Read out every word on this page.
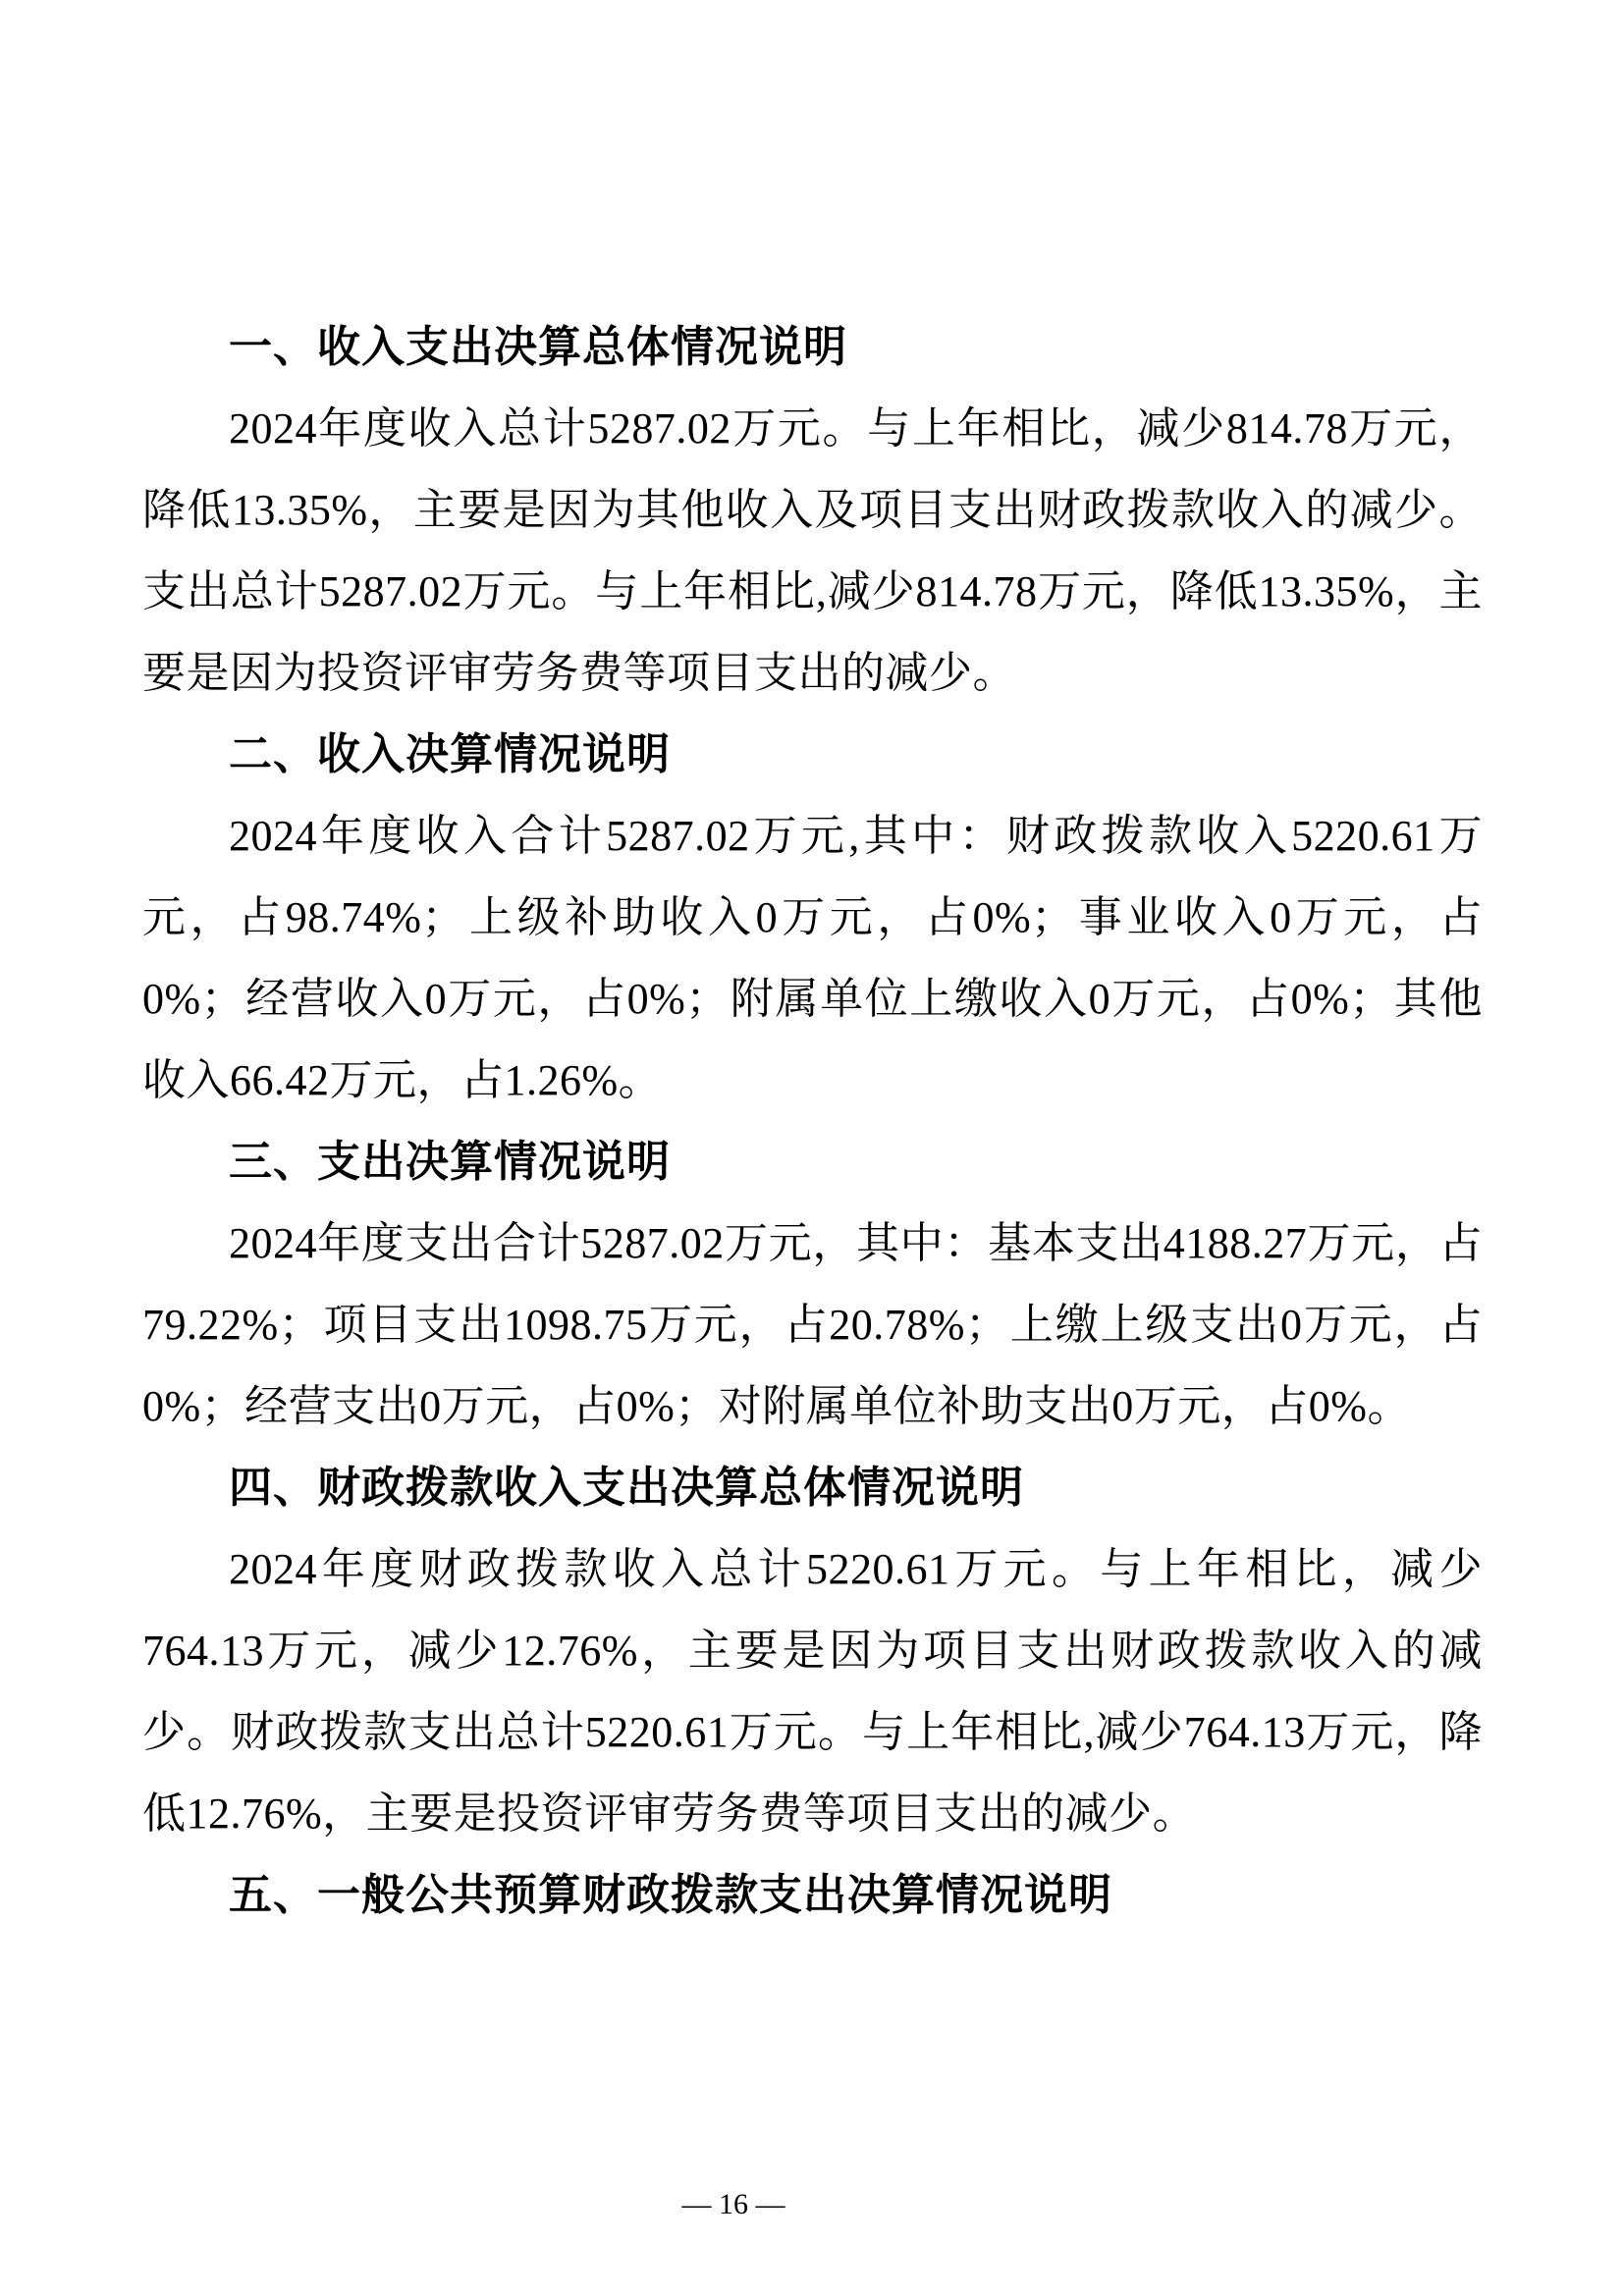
一、收入支出决算总体情况说明

2024年度收入总计5287.02万元。与上年相比，减少814.78万元，降低13.35%，主要是因为其他收入及项目支出财政拨款收入的减少。支出总计5287.02万元。与上年相比,减少814.78万元，降低13.35%，主要是因为投资评审劳务费等项目支出的减少。

二、收入决算情况说明

2024年度收入合计5287.02万元,其中：财政拨款收入5220.61万元，占98.74%；上级补助收入0万元，占0%；事业收入0万元，占0%；经营收入0万元，占0%；附属单位上缴收入0万元，占0%；其他收入66.42万元，占1.26%。

三、支出决算情况说明

2024年度支出合计5287.02万元，其中：基本支出4188.27万元，占79.22%；项目支出1098.75万元，占20.78%；上缴上级支出0万元，占0%；经营支出0万元，占0%；对附属单位补助支出0万元，占0%。

四、财政拨款收入支出决算总体情况说明

2024年度财政拨款收入总计5220.61万元。与上年相比，减少764.13万元，减少12.76%，主要是因为项目支出财政拨款收入的减少。财政拨款支出总计5220.61万元。与上年相比,减少764.13万元，降低12.76%，主要是投资评审劳务费等项目支出的减少。

五、一般公共预算财政拨款支出决算情况说明
— 16 —
